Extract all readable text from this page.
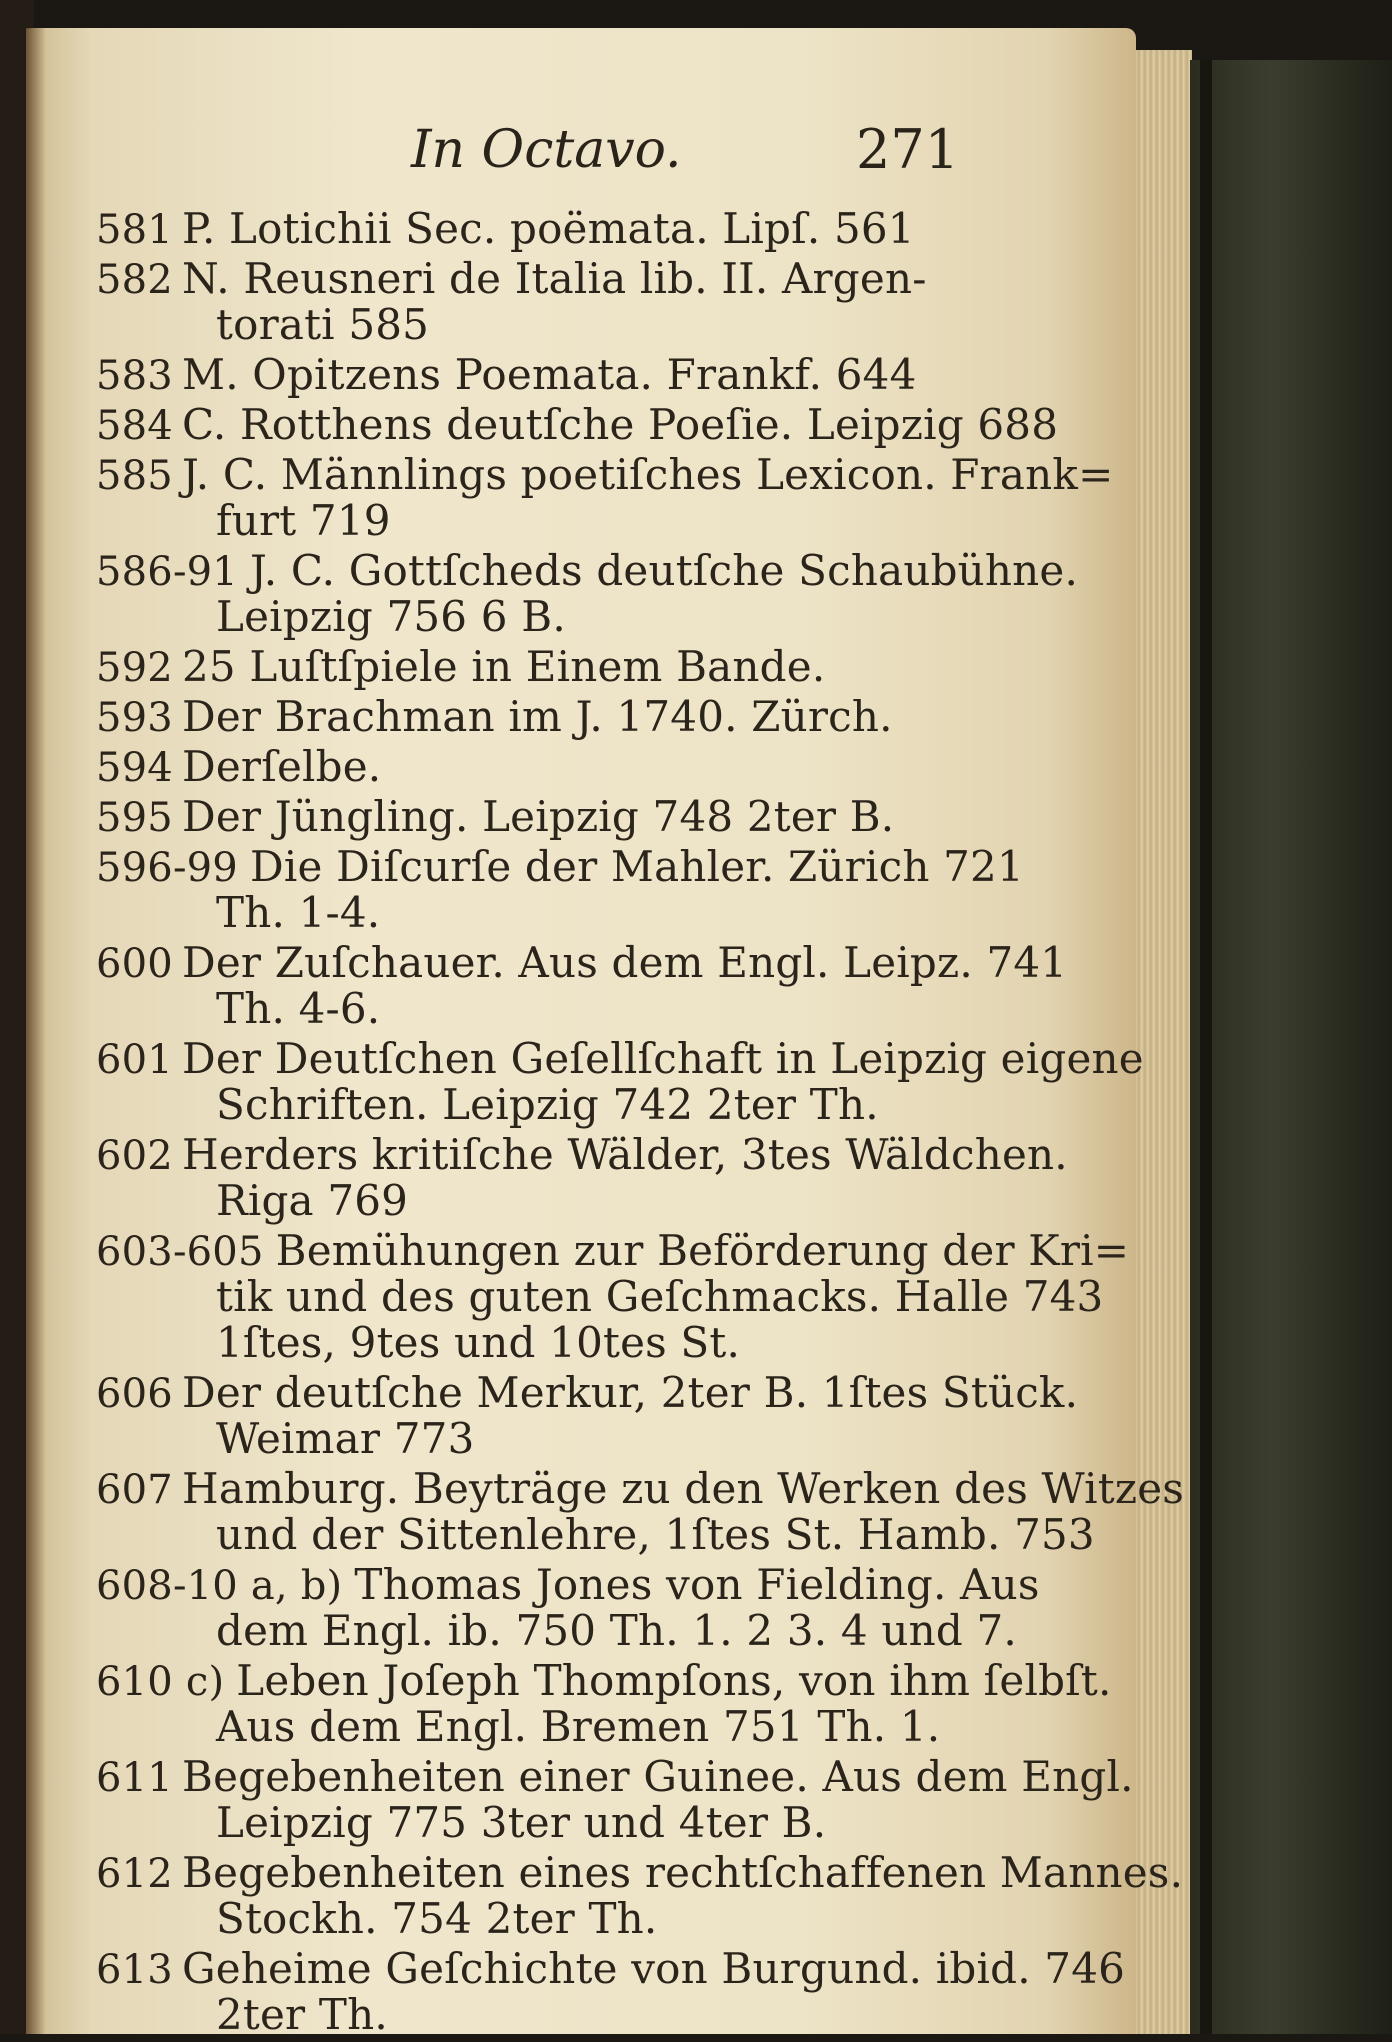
In Octavo.	271
581 P. Lotichii Sec. poëmata. Lipſ. 561
582 N. Reusneri de Italia lib. II. Argen-
torati 585
583 M. Opitzens Poemata. Frankf. 644
584 C. Rotthens deutſche Poeſie. Leipzig 688
585 J. C. Männlings poetiſches Lexicon. Frank=
furt 719
586-91 J. C. Gottſcheds deutſche Schaubühne.
Leipzig 756 6 B.
592 25 Luſtſpiele in Einem Bande.
593 Der Brachman im J. 1740. Zürch.
594 Derſelbe.
595 Der Jüngling. Leipzig 748 2ter B.
596-99 Die Diſcurſe der Mahler. Zürich 721
Th. 1-4.
600 Der Zuſchauer. Aus dem Engl. Leipz. 741
Th. 4-6.
601 Der Deutſchen Geſellſchaft in Leipzig eigene
Schriften. Leipzig 742 2ter Th.
602 Herders kritiſche Wälder, 3tes Wäldchen.
Riga 769
603-605 Bemühungen zur Beförderung der Kri=
tik und des guten Geſchmacks. Halle 743
1ſtes, 9tes und 10tes St.
606 Der deutſche Merkur, 2ter B. 1ſtes Stück.
Weimar 773
607 Hamburg. Beyträge zu den Werken des Witzes
und der Sittenlehre, 1ſtes St. Hamb. 753
608-10 a, b) Thomas Jones von Fielding. Aus
dem Engl. ib. 750 Th. 1. 2 3. 4 und 7.
610 c) Leben Joſeph Thompſons, von ihm ſelbſt.
Aus dem Engl. Bremen 751 Th. 1.
611 Begebenheiten einer Guinee. Aus dem Engl.
Leipzig 775 3ter und 4ter B.
612 Begebenheiten eines rechtſchaffenen Mannes.
Stockh. 754 2ter Th.
613 Geheime Geſchichte von Burgund. ibid. 746
2ter Th.
